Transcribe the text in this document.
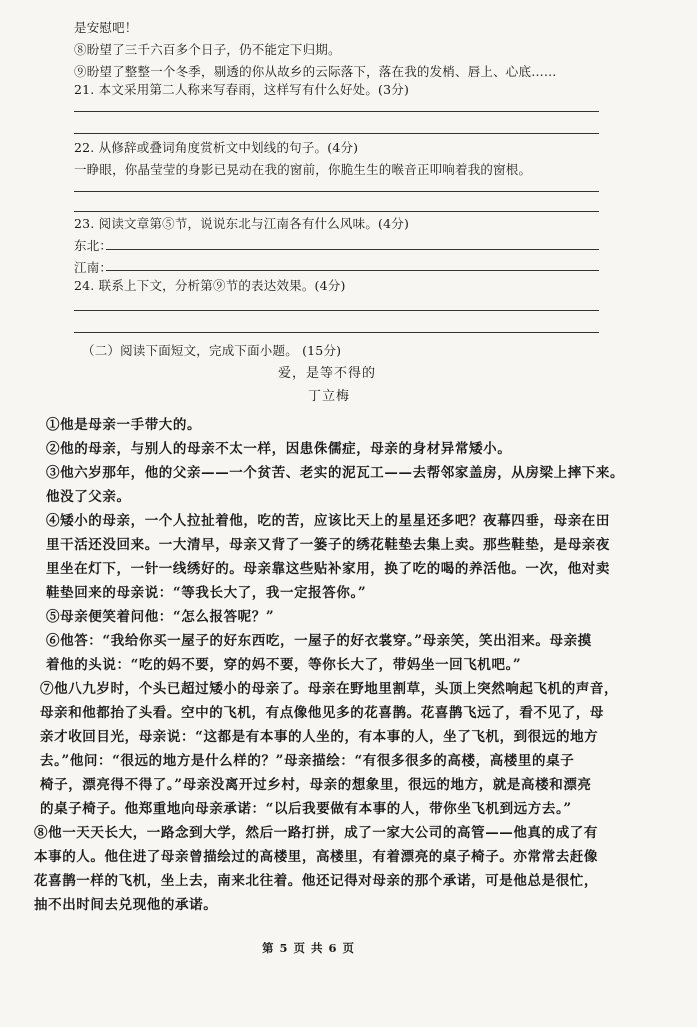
是安慰吧！
⑧盼望了三千六百多个日子，仍不能定下归期。
⑨盼望了整整一个冬季，剔透的你从故乡的云际落下，落在我的发梢、唇上、心底……
21. 本文采用第二人称来写春雨，这样写有什么好处。(3分)
22. 从修辞或叠词角度赏析文中划线的句子。(4分)
一睁眼，你晶莹莹的身影已晃动在我的窗前，你脆生生的喉音正叩响着我的窗根。
23. 阅读文章第⑤节，说说东北与江南各有什么风味。(4分)
东北：
江南：
24. 联系上下文，分析第⑨节的表达效果。(4分)
（二）阅读下面短文，完成下面小题。 (15分)
爱，是等不得的
丁立梅
①他是母亲一手带大的。
②他的母亲，与别人的母亲不太一样，因患侏儒症，母亲的身材异常矮小。
③他六岁那年，他的父亲——一个贫苦、老实的泥瓦工——去帮邻家盖房，从房梁上摔下来。
他没了父亲。
④矮小的母亲，一个人拉扯着他，吃的苦，应该比天上的星星还多吧？夜幕四垂，母亲在田
里干活还没回来。一大清早，母亲又背了一篓子的绣花鞋垫去集上卖。那些鞋垫，是母亲夜
里坐在灯下，一针一线绣好的。母亲靠这些贴补家用，换了吃的喝的养活他。一次，他对卖
鞋垫回来的母亲说：“等我长大了，我一定报答你。”
⑤母亲便笑着问他：“怎么报答呢？”
⑥他答：“我给你买一屋子的好东西吃，一屋子的好衣裳穿。”母亲笑，笑出泪来。母亲摸
着他的头说：“吃的妈不要，穿的妈不要，等你长大了，带妈坐一回飞机吧。”
⑦他八九岁时，个头已超过矮小的母亲了。母亲在野地里割草，头顶上突然响起飞机的声音，
母亲和他都抬了头看。空中的飞机，有点像他见多的花喜鹊。花喜鹊飞远了，看不见了，母
亲才收回目光，母亲说：“这都是有本事的人坐的，有本事的人，坐了飞机，到很远的地方
去。”他问：“很远的地方是什么样的？”母亲描绘：“有很多很多的高楼，高楼里的桌子
椅子，漂亮得不得了。”母亲没离开过乡村，母亲的想象里，很远的地方，就是高楼和漂亮
的桌子椅子。他郑重地向母亲承诺：“以后我要做有本事的人，带你坐飞机到远方去。”
⑧他一天天长大，一路念到大学，然后一路打拼，成了一家大公司的高管——他真的成了有
本事的人。他住进了母亲曾描绘过的高楼里，高楼里，有着漂亮的桌子椅子。亦常常去赶像
花喜鹊一样的飞机，坐上去，南来北往着。他还记得对母亲的那个承诺，可是他总是很忙，
抽不出时间去兑现他的承诺。
第 5 页 共 6 页
